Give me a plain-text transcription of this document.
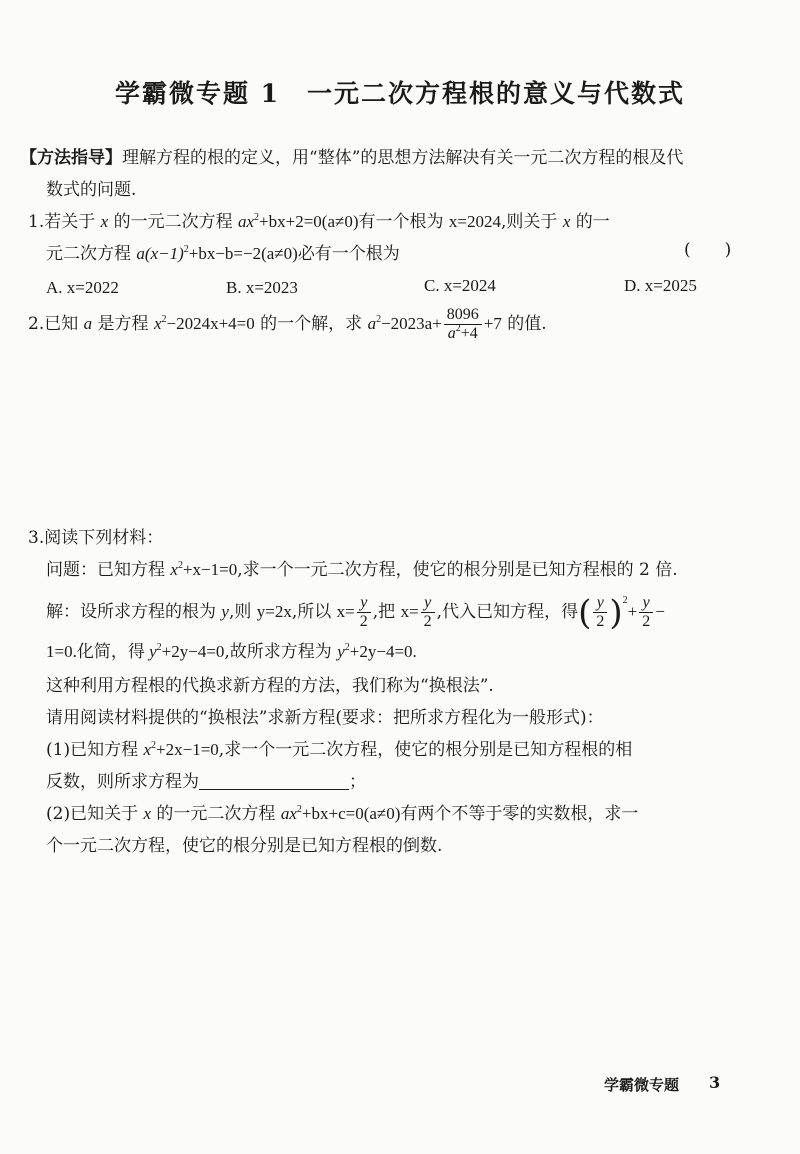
学霸微专题 1　一元二次方程根的意义与代数式
【方法指导】理解方程的根的定义，用“整体”的思想方法解决有关一元二次方程的根及代
数式的问题.
1.若关于 x 的一元二次方程 $ax^2+bx+2=0(a\ne 0)$有一个根为 x=2024,则关于 x 的一
元二次方程 $a(x-1)^2+bx-b=-2(a\ne 0)$必有一个根为	(　　)
A. x=2022	B. x=2023	C. x=2024	D. x=2025
2.已知 a 是方程 $x^2-2024x+4=0$ 的一个解，求 $a^2-2023a+ \frac{8096}{a^2+4} +7$ 的值.
3.阅读下列材料：
问题：已知方程 $x^2+x-1=0$,求一个一元二次方程，使它的根分别是已知方程根的 2 倍.
解：设所求方程的根为 y,则 y=2x,所以 $x= \frac{y}{2}$ ,把 $x= \frac{y}{2}$ ,代入已知方程，得( $\frac{y}{2} )^2+ \frac{y}{2}$ −
1=0.化简，得 $y^2+2y-4=0$,故所求方程为 $y^2+2y-4=0$.
这种利用方程根的代换求新方程的方法，我们称为“换根法”.
请用阅读材料提供的“换根法”求新方程(要求：把所求方程化为一般形式)：
(1)已知方程 $x^2+2x-1=0$,求一个一元二次方程，使它的根分别是已知方程根的相
反数，则所求方程为	；
(2)已知关于 x 的一元二次方程 $ax^2+bx+c=0(a\ne 0)$有两个不等于零的实数根，求一
个一元二次方程，使它的根分别是已知方程根的倒数.
学霸微专题 3
